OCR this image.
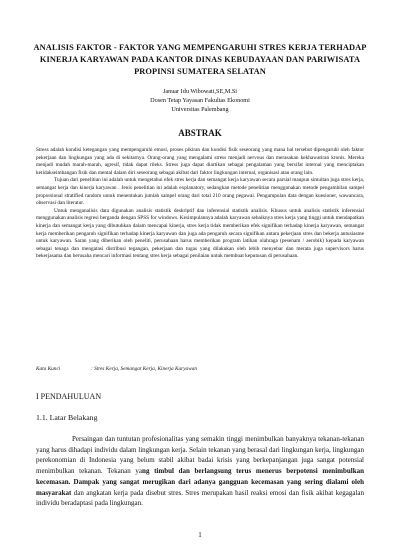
ANALISIS FAKTOR - FAKTOR YANG MEMPENGARUHI STRES KERJA TERHADAP KINERJA KARYAWAN PADA KANTOR DINAS KEBUDAYAAN DAN PARIWISATA PROPINSI SUMATERA SELATAN
Januar Idu Wibowati,SE,M.Si
Dosen Tetap Yayasan Fakultas Ekonomi
Universitas Palembang
ABSTRAK

Stress adalah kondisi ketegangan yang mempengaruhi emosi, proses pikiran dan kondisi fisik seseorang yang mana hal tersebut dipengaruhi oleh faktor pekerjaan dan lingkungan yang ada di sekitarnya. Orang-orang yang mengalami stress menjadi nervous dan merasakan kekhawatiran kronis. Mereka menjadi mudah marah-marah, agresif, tidak dapat rileks. Stress juga dapat diartikan sebagai pengalaman yang bersifat internal yang menciptakan ketidakseimbangan fisik dan mental dalam diri seseorang sebagai akibat dari faktor lingkungan internal, organisasi atau orang lain.

Tujuan dari penelitian ini adalah untuk mengetahui efek stres kerja dan semangat kerja karyawan secara parsial maupun simultan juga stres kerja, semangat kerja dan kinerja karyawan . Jenis penelitian ini adalah explanatory, sedangkan metode penelitian menggunakan metode pengambilan sampel proporsional stratified random untuk menentukan jumlah sampel orang dari total 210 orang pegawai. Pengumpulan data dengan kuesioner, wawancara, observasi dan literatur.

Untuk menganalisis data digunakan analisis statistik deskriptif dan inferensial statistik analisis. Khusus untuk analisis statistik inferensial menggunakan analisis regresi berganda dengan SPSS for windows. Kesimpulannya adalah karyawan sebaiknya stres kerja yang tinggi untuk mendapatkan kinerja dan semangat kerja yang dibutuhkan dalam mencapai kinerja, stres kerja tidak memberikan efek signifikan terhadap kinerja karyawan, semangat kerja memberikan pengaruh signifikan terhadap kinerja karyawan dan juga ada pengaruh secara signifikan antara pekerjaan stres dan bekerja antusiasme untuk karyawan. Saran yang diberikan oleh peneliti, perusahaan harus memberikan program latihan olahraga (pesenam / aerobik) kepada karyawan sebagai tenaga dan mengatasi distribusi tegangan, pekerjaan dan tugas yang dilakukan oleh lebih menyebar dan merata juga supervisors harus bekerjasama dan berusaha mencari informasi tentang stres kerja sebagai penilaian untuk membuat keputusan di perusahaan.

Kata Kunci	: Stres Kerja, Semangat Kerja, Kinerja Karyawan
I PENDAHULUAN
1.1. Latar Belakang

Persaingan dan tuntutan profesionalitas yang semakin tinggi menimbulkan banyaknya tekanan-tekanan yang harus dihadapi individu dalam lingkungan kerja. Selain tekanan yang berasal dari lingkungan kerja, lingkungan perekonomian di Indonesia yang belum stabil akibat badai krisis yang berkepanjangan juga sangat potensial menimbulkan tekanan. Tekanan yang timbul dan berlangsung terus menerus berpotensi menimbulkan kecemasan. Dampak yang sangat merugikan dari adanya gangguan kecemasan yang sering dialami oleh masyarakat dan angkatan kerja pada disebut stres. Stres merupakan hasil reaksi emosi dan fisik akibat kegagalan individu beradaptasi pada lingkungan.

1
